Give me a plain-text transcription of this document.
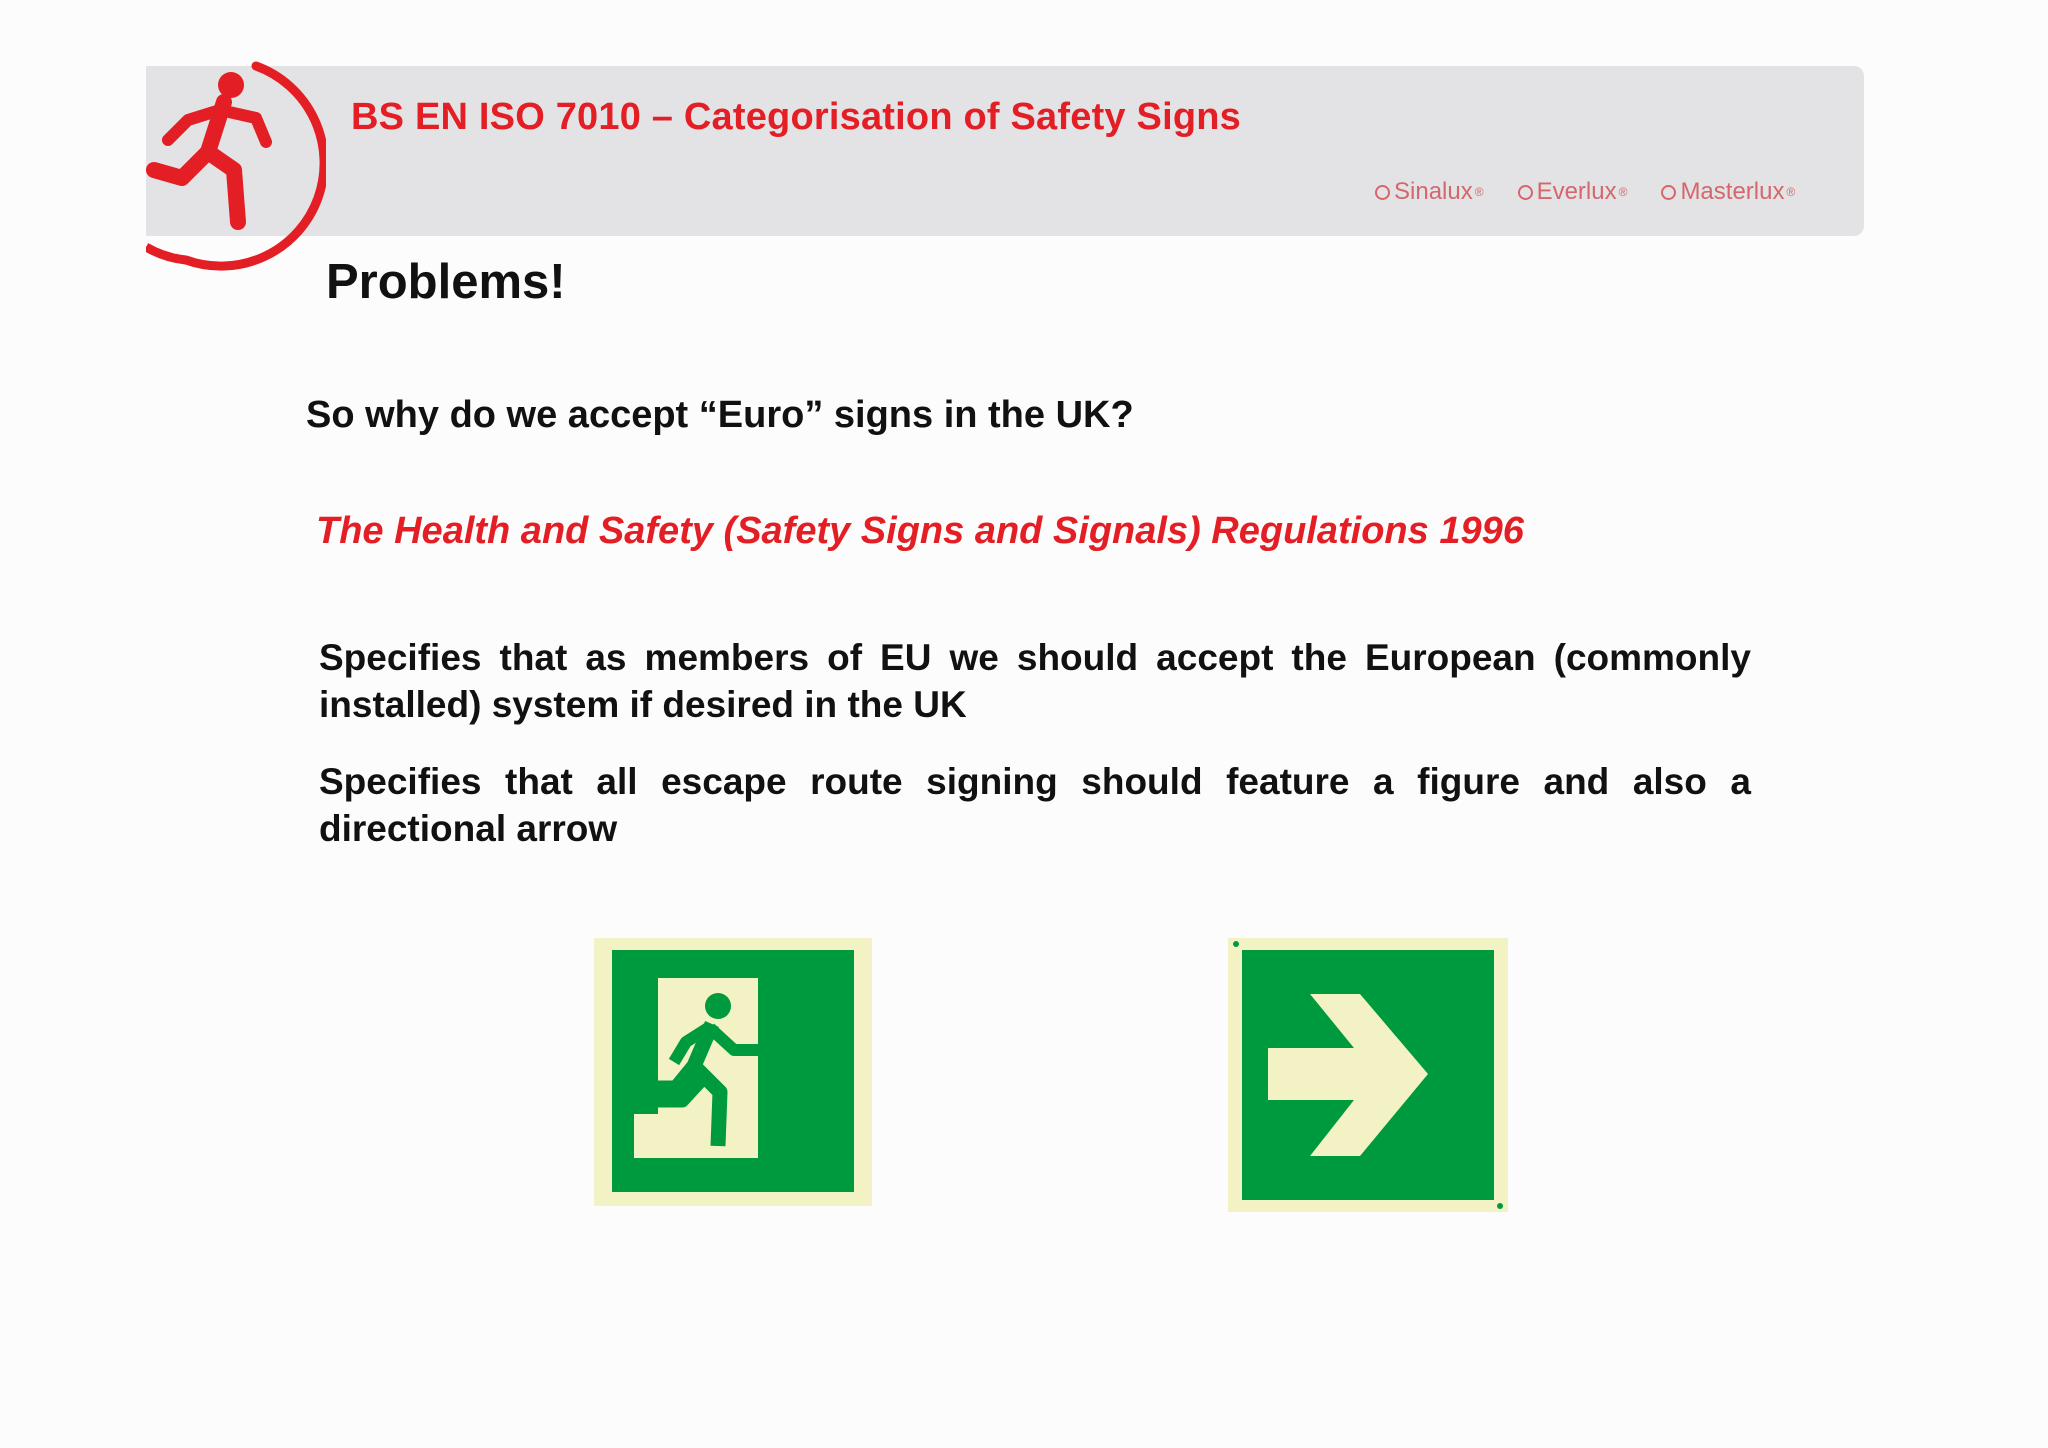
BS EN ISO 7010 – Categorisation of Safety Signs
Sinalux ® Everlux ® Masterlux ®
Problems!
So why do we accept “Euro” signs in the UK?
The Health and Safety (Safety Signs and Signals) Regulations 1996
Specifies that as members of EU we should accept the European (commonly installed) system if desired in the UK
Specifies that all escape route signing should feature a figure and also a directional arrow
